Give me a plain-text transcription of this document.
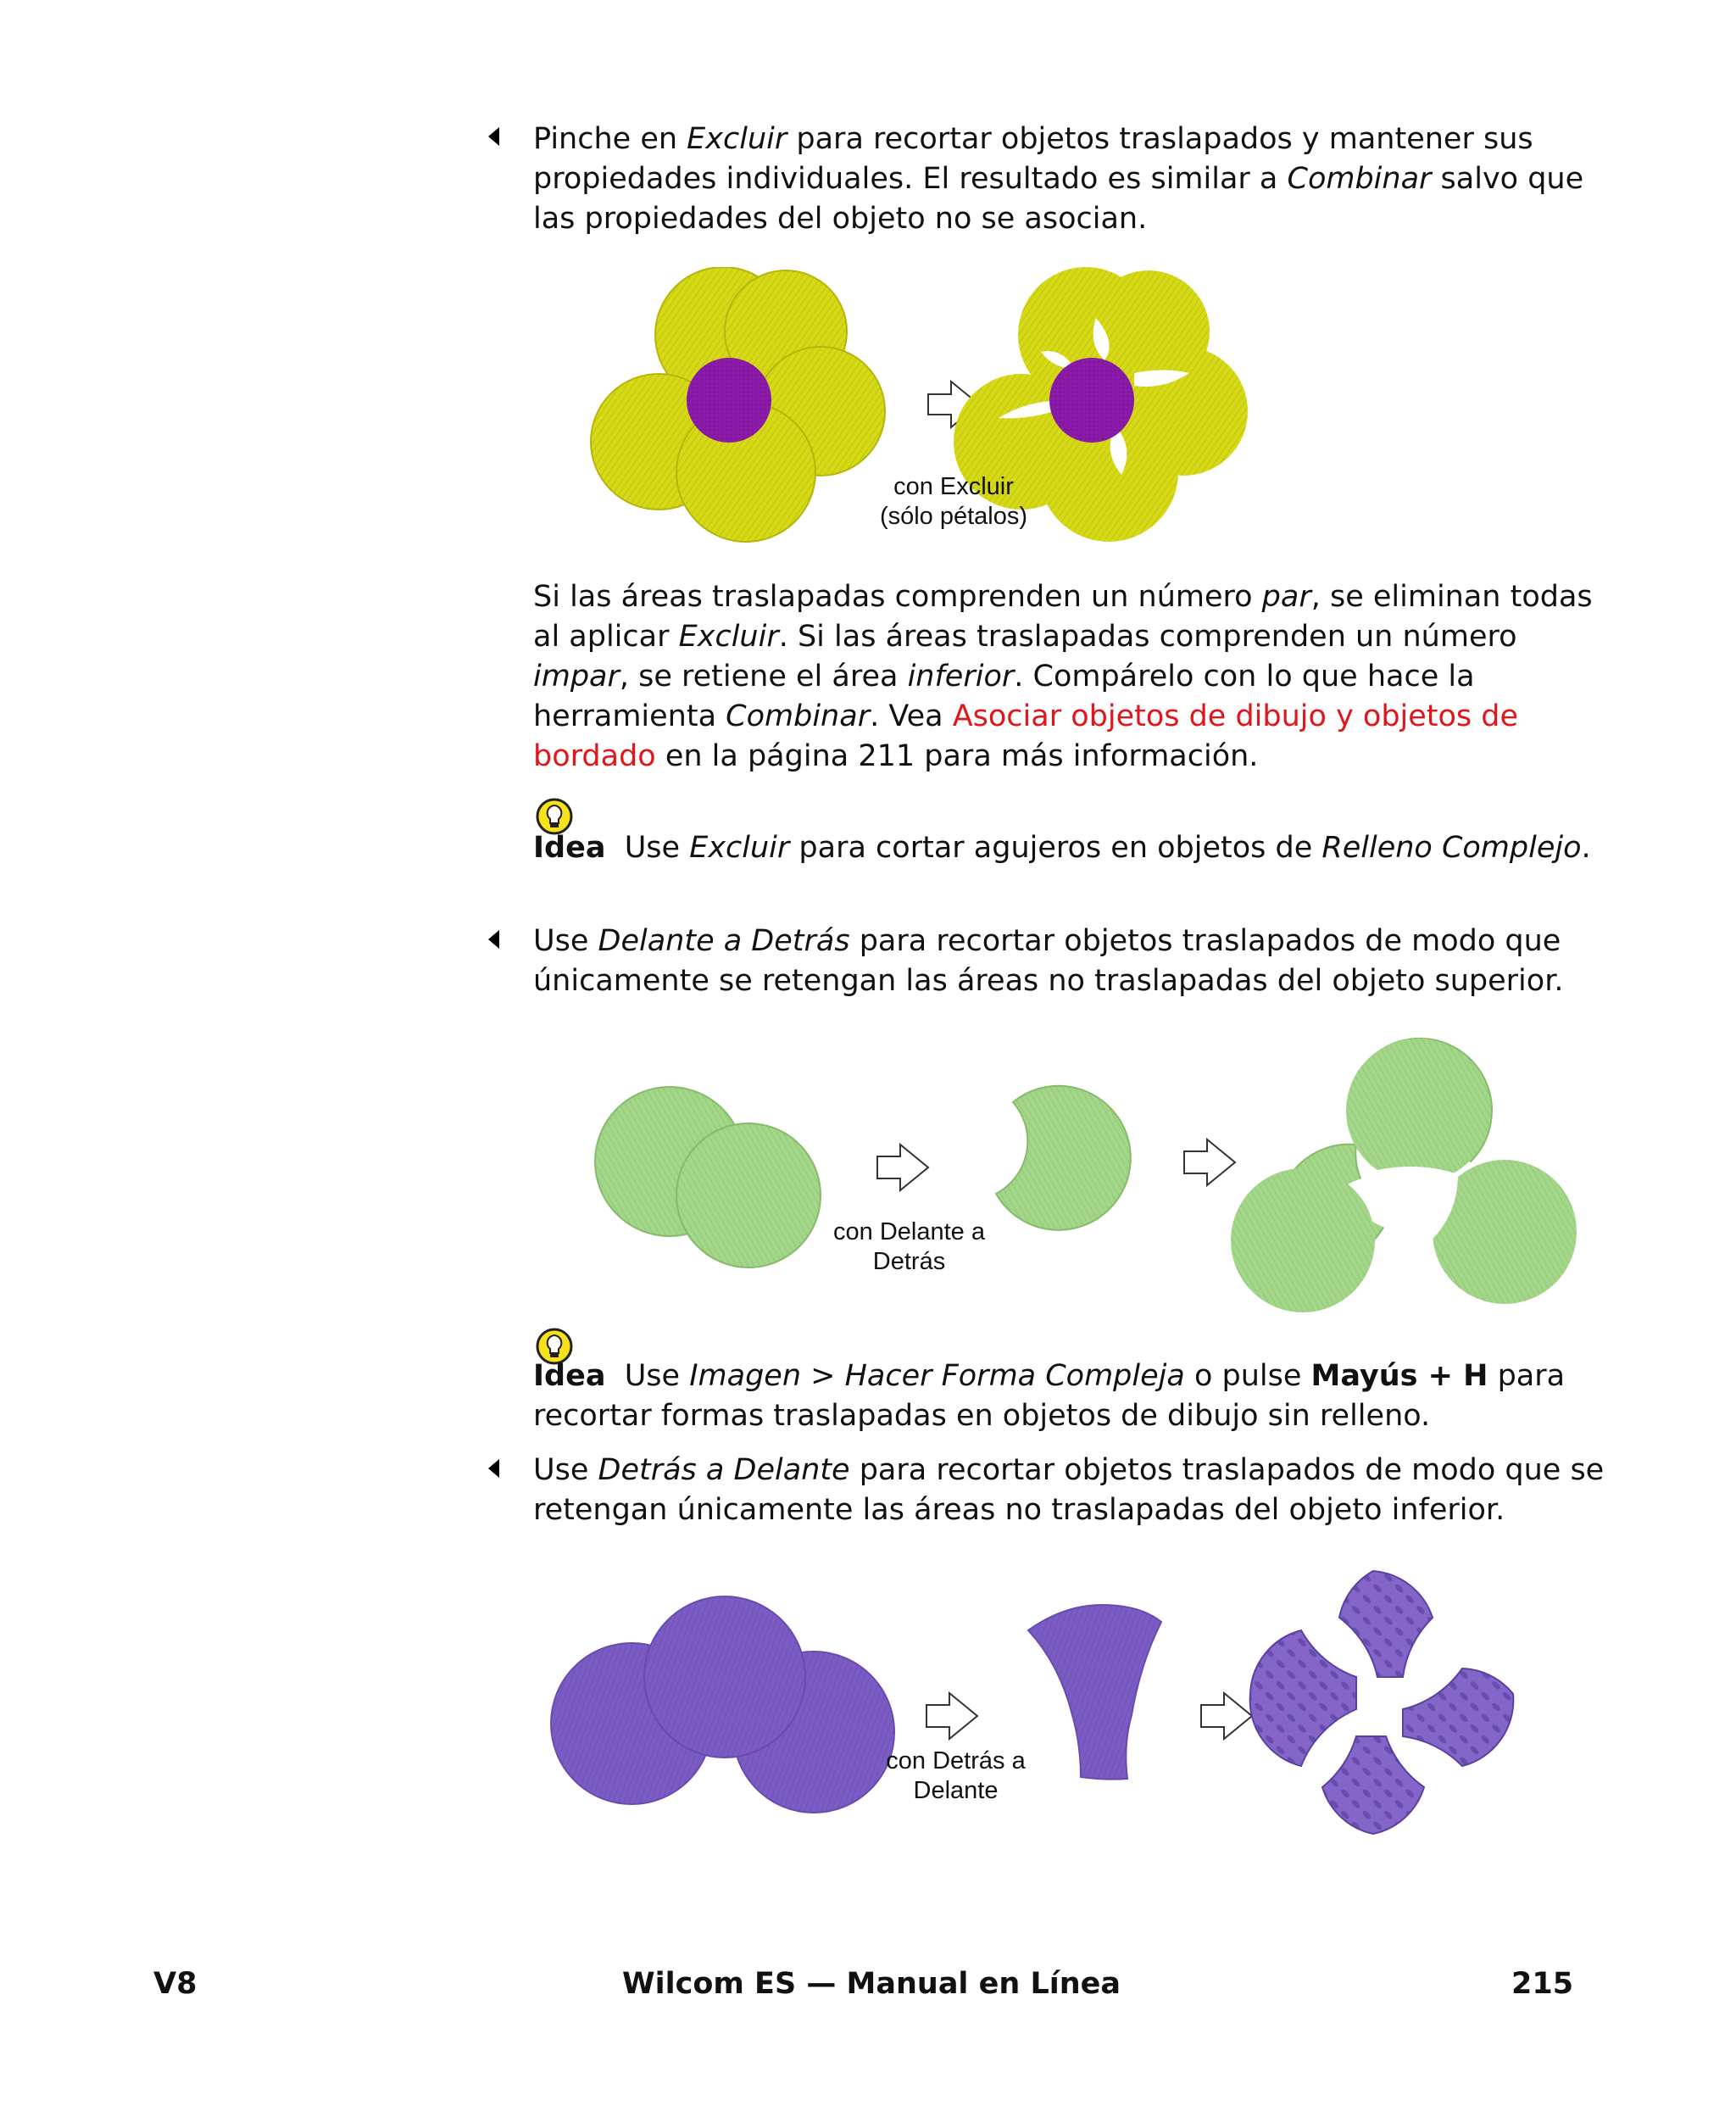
Pinche en Excluir para recortar objetos traslapados y mantener sus propiedades individuales. El resultado es similar a Combinar salvo que las propiedades del objeto no se asocian.

con Excluir
(sólo pétalos)

Si las áreas traslapadas comprenden un número par, se eliminan todas al aplicar Excluir. Si las áreas traslapadas comprenden un número impar, se retiene el área inferior. Compárelo con lo que hace la herramienta Combinar. Vea Asociar objetos de dibujo y objetos de bordado en la página 211 para más información.

Idea  Use Excluir para cortar agujeros en objetos de Relleno Complejo.

Use Delante a Detrás para recortar objetos traslapados de modo que únicamente se retengan las áreas no traslapadas del objeto superior.

con Delante a
Detrás

Idea  Use Imagen > Hacer Forma Compleja o pulse Mayús + H para recortar formas traslapadas en objetos de dibujo sin relleno.

Use Detrás a Delante para recortar objetos traslapados de modo que se retengan únicamente las áreas no traslapadas del objeto inferior.

con Detrás a
Delante
V8	Wilcom ES — Manual en Línea	215
